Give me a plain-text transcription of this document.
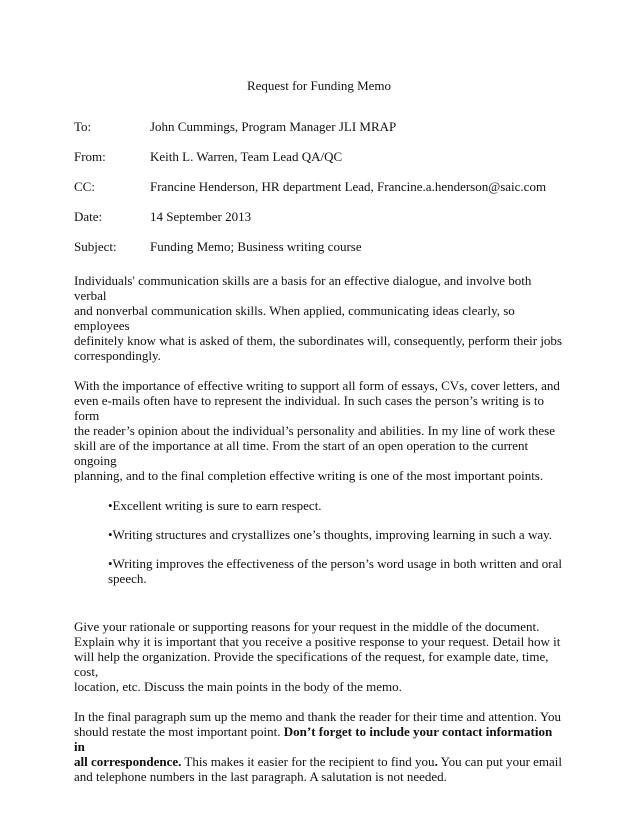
Request for Funding Memo
To:	John Cummings, Program Manager JLI MRAP
From:	Keith L. Warren, Team Lead QA/QC
CC:	Francine Henderson, HR department Lead, Francine.a.henderson@saic.com
Date:	14 September 2013
Subject:	Funding Memo; Business writing course

Individuals' communication skills are a basis for an effective dialogue, and involve both verbal
and nonverbal communication skills. When applied, communicating ideas clearly, so employees
definitely know what is asked of them, the subordinates will, consequently, perform their jobs
correspondingly.

With the importance of effective writing to support all form of essays, CVs, cover letters, and
even e-mails often have to represent the individual. In such cases the person’s writing is to form
the reader’s opinion about the individual’s personality and abilities. In my line of work these
skill are of the importance at all time. From the start of an open operation to the current ongoing
planning, and to the final completion effective writing is one of the most important points.

•Excellent writing is sure to earn respect.
•Writing structures and crystallizes one’s thoughts, improving learning in such a way.
•Writing improves the effectiveness of the person’s word usage in both written and oral
speech.

Give your rationale or supporting reasons for your request in the middle of the document.
Explain why it is important that you receive a positive response to your request. Detail how it
will help the organization. Provide the specifications of the request, for example date, time, cost,
location, etc. Discuss the main points in the body of the memo.

In the final paragraph sum up the memo and thank the reader for their time and attention. You
should restate the most important point. Don’t forget to include your contact information in
all correspondence. This makes it easier for the recipient to find you. You can put your email
and telephone numbers in the last paragraph. A salutation is not needed.
